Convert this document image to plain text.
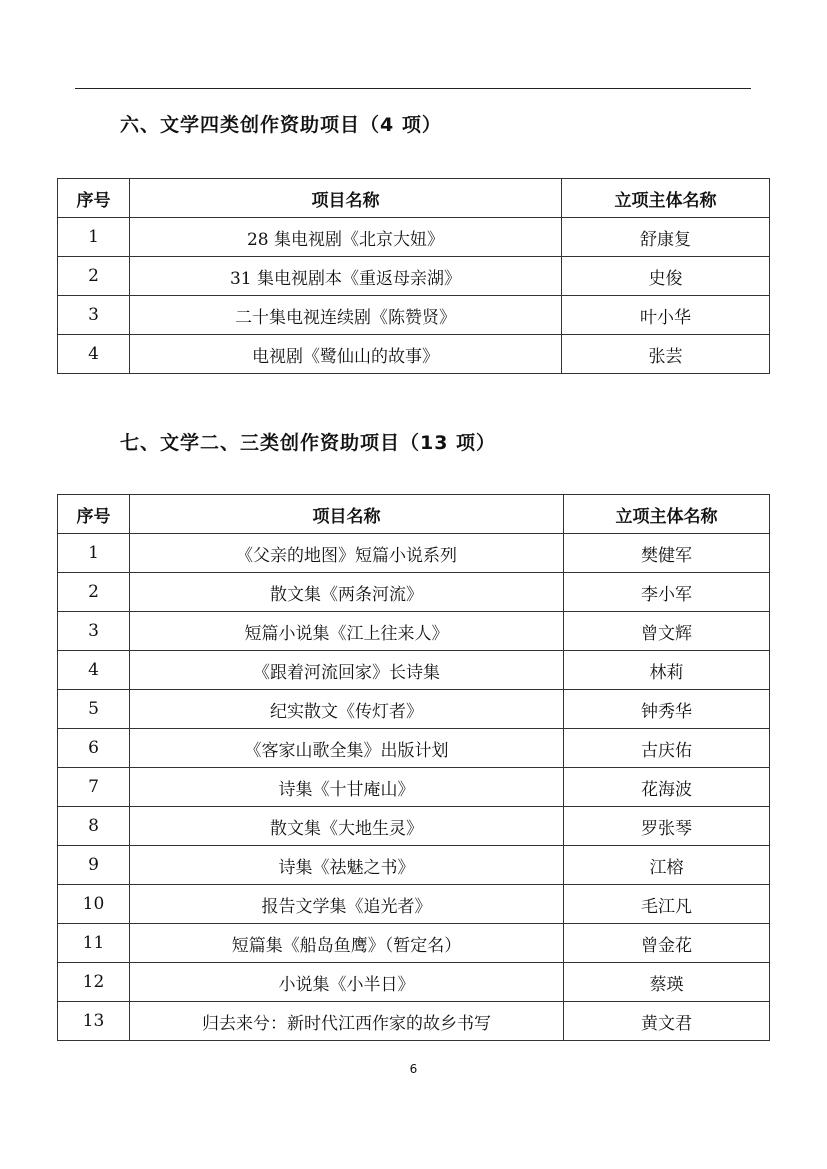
六、文学四类创作资助项目（4 项）
序号	项目名称	立项主体名称
1	28 集电视剧《北京大妞》	舒康复
2	31 集电视剧本《重返母亲湖》	史俊
3	二十集电视连续剧《陈赞贤》	叶小华
4	电视剧《鹭仙山的故事》	张芸
七、文学二、三类创作资助项目（13 项）
序号	项目名称	立项主体名称
1	《父亲的地图》短篇小说系列	樊健军
2	散文集《两条河流》	李小军
3	短篇小说集《江上往来人》	曾文辉
4	《跟着河流回家》长诗集	林莉
5	纪实散文《传灯者》	钟秀华
6	《客家山歌全集》出版计划	古庆佑
7	诗集《十甘庵山》	花海波
8	散文集《大地生灵》	罗张琴
9	诗集《祛魅之书》	江榕
10	报告文学集《追光者》	毛江凡
11	短篇集《船岛鱼鹰》（暂定名）	曾金花
12	小说集《小半日》	蔡瑛
13	归去来兮：新时代江西作家的故乡书写	黄文君
6
